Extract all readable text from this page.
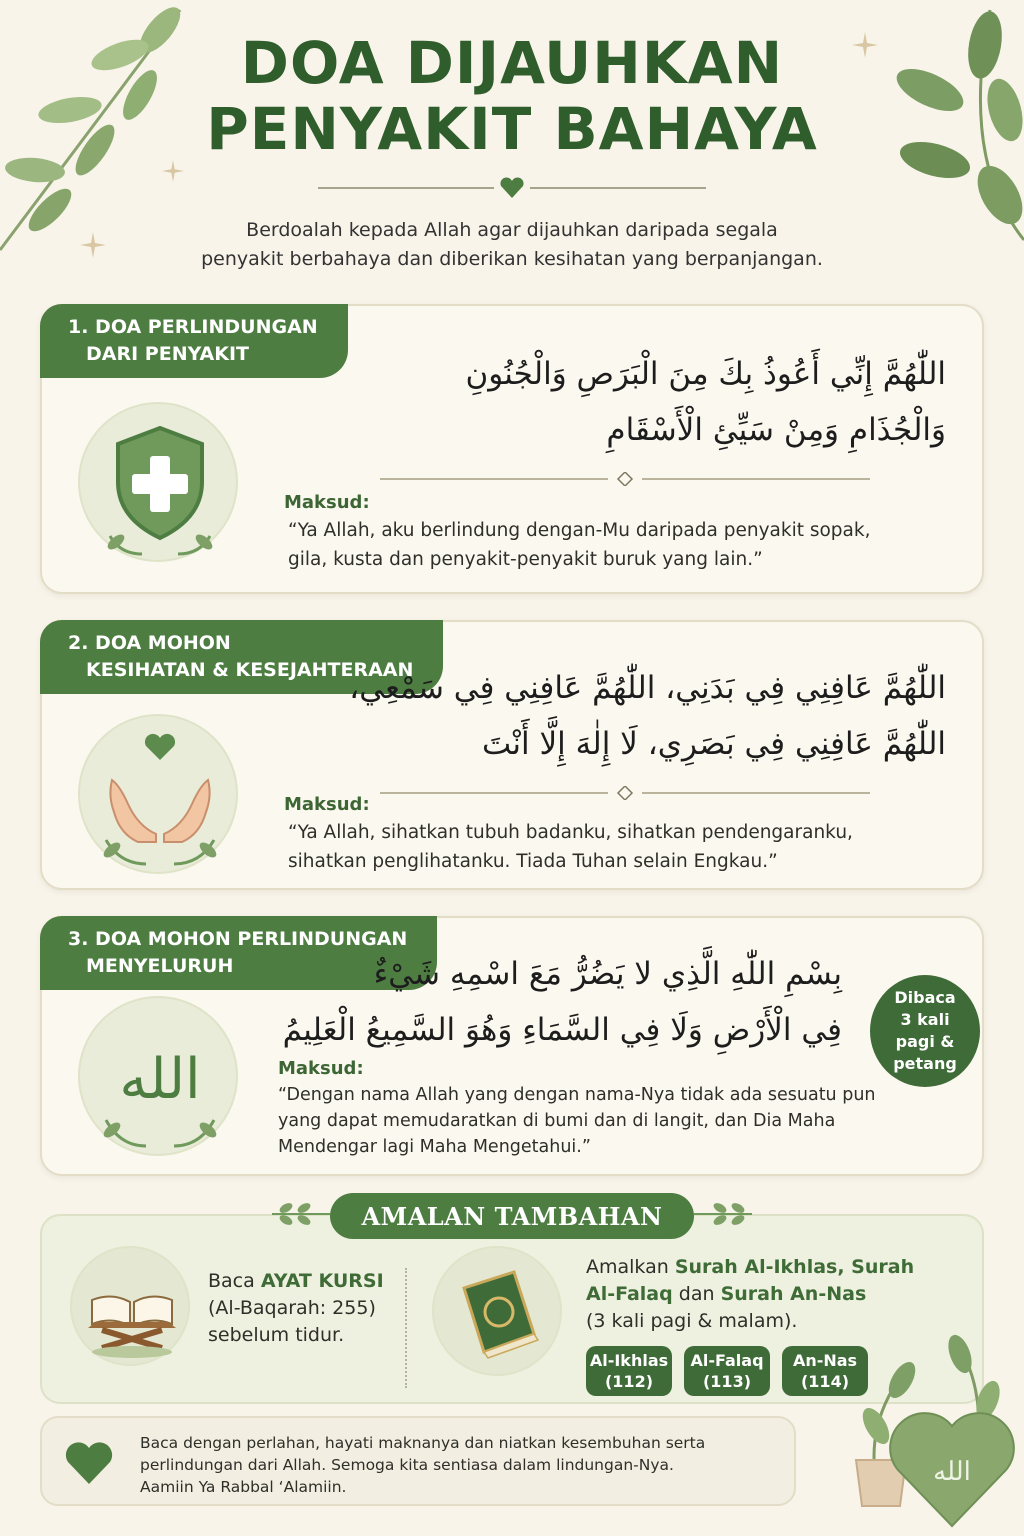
DOA DIJAUHKAN
PENYAKIT BAHAYA
Berdoalah kepada Allah agar dijauhkan daripada segala
penyakit berbahaya dan diberikan kesihatan yang berpanjangan.
1. DOA PERLINDUNGAN
DARI PENYAKIT
اللّٰهُمَّ إِنِّي أَعُوذُ بِكَ مِنَ الْبَرَصِ وَالْجُنُونِ
وَالْجُذَامِ وَمِنْ سَيِّئِ الْأَسْقَامِ
Maksud:
“Ya Allah, aku berlindung dengan-Mu daripada penyakit sopak,
gila, kusta dan penyakit-penyakit buruk yang lain.”
2. DOA MOHON
KESIHATAN & KESEJAHTERAAN
اللّٰهُمَّ عَافِنِي فِي بَدَنِي، اللّٰهُمَّ عَافِنِي فِي سَمْعِي،
اللّٰهُمَّ عَافِنِي فِي بَصَرِي، لَا إِلٰهَ إِلَّا أَنْتَ
Maksud:
“Ya Allah, sihatkan tubuh badanku, sihatkan pendengaranku,
sihatkan penglihatanku. Tiada Tuhan selain Engkau.”
3. DOA MOHON PERLINDUNGAN
MENYELURUH
الله
بِسْمِ اللّٰهِ الَّذِي لا يَضُرُّ مَعَ اسْمِهِ شَيْءٌ
فِي الْأَرْضِ وَلَا فِي السَّمَاءِ وَهُوَ السَّمِيعُ الْعَلِيمُ
Maksud:
“Dengan nama Allah yang dengan nama-Nya tidak ada sesuatu pun
yang dapat memudaratkan di bumi dan di langit, dan Dia Maha
Mendengar lagi Maha Mengetahui.”
Dibaca
3 kali
pagi &
petang
AMALAN TAMBAHAN
Baca AYAT KURSI
(Al-Baqarah: 255)
sebelum tidur.
Amalkan Surah Al-Ikhlas, Surah
Al-Falaq dan Surah An-Nas
(3 kali pagi & malam).
Al-Ikhlas
(112)
Al-Falaq
(113)
An-Nas
(114)
Baca dengan perlahan, hayati maknanya dan niatkan kesembuhan serta
perlindungan dari Allah. Semoga kita sentiasa dalam lindungan-Nya.
Aamiin Ya Rabbal ‘Alamiin.	الله
